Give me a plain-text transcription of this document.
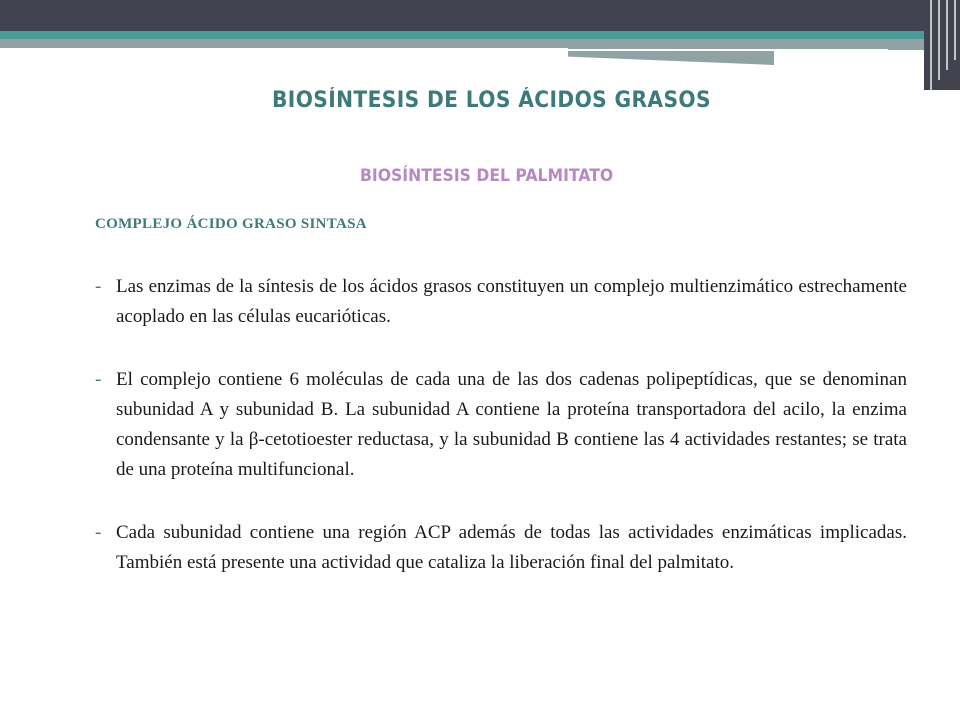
BIOSÍNTESIS DE LOS ÁCIDOS GRASOS
BIOSÍNTESIS DEL PALMITATO
COMPLEJO ÁCIDO GRASO SINTASA
- Las enzimas de la síntesis de los ácidos grasos constituyen un complejo multienzimático estrechamente acoplado en las células eucarióticas.
- El complejo contiene 6 moléculas de cada una de las dos cadenas polipeptídicas, que se denominan subunidad A y subunidad B. La subunidad A contiene la proteína transportadora del acilo, la enzima condensante y la β-cetotioester reductasa, y la subunidad B contiene las 4 actividades restantes; se trata de una proteína multifuncional.
- Cada subunidad contiene una región ACP además de todas las actividades enzimáticas implicadas. También está presente una actividad que cataliza la liberación final del palmitato.
